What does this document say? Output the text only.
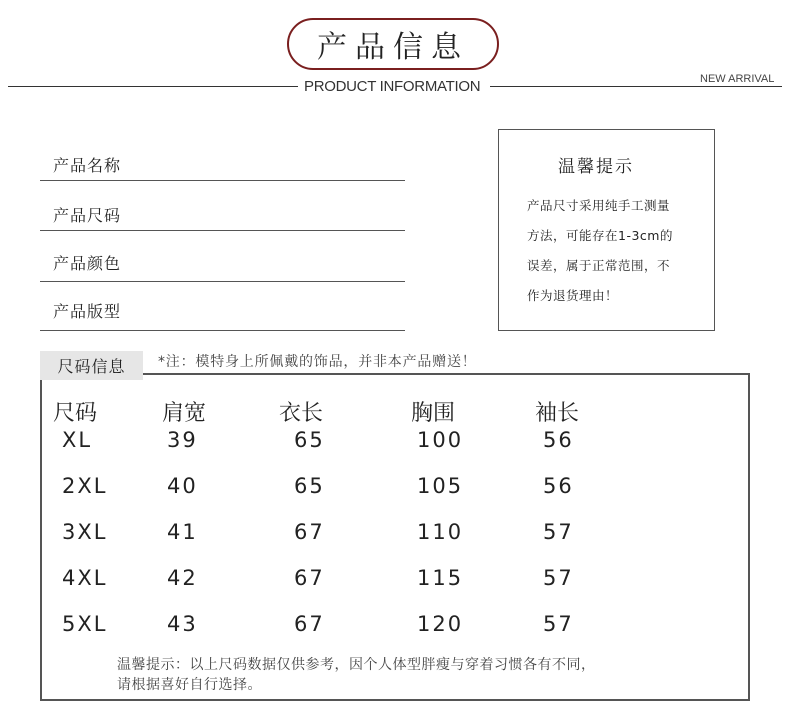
产品信息
PRODUCT INFORMATION	NEW ARRIVAL
产品名称
产品尺码
产品颜色
产品版型
温馨提示
产品尺寸采用纯手工测量
方法，可能存在1-3cm的
误差，属于正常范围，不
作为退货理由！
尺码信息	*注：模特身上所佩戴的饰品，并非本产品赠送！
尺码	肩宽	衣长	胸围	袖长
XL	39	65	100	56
2XL	40	65	105	56
3XL	41	67	110	57
4XL	42	67	115	57
5XL	43	67	120	57
温馨提示：以上尺码数据仅供参考，因个人体型胖瘦与穿着习惯各有不同，
请根据喜好自行选择。
